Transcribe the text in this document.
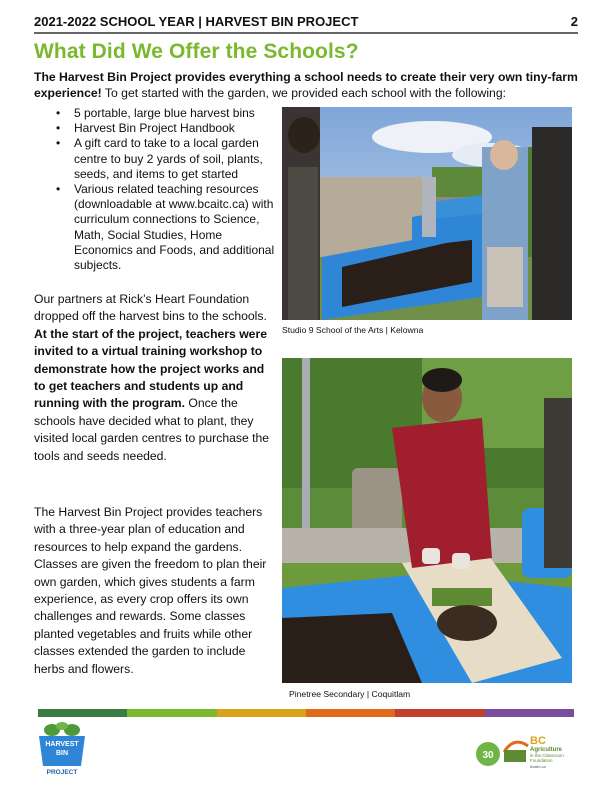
2021-2022 SCHOOL YEAR | HARVEST BIN PROJECT	2
What Did We Offer the Schools?

The Harvest Bin Project provides everything a school needs to create their very own tiny-farm experience! To get started with the garden, we provided each school with the following:

• 5 portable, large blue harvest bins
• Harvest Bin Project Handbook
• A gift card to take to a local garden centre to buy 2 yards of soil, plants, seeds, and items to get started
• Various related teaching resources (downloadable at www.bcaitc.ca) with curriculum connections to Science, Math, Social Studies, Home Economics and Foods, and additional subjects.

Our partners at Rick’s Heart Foundation dropped off the harvest bins to the schools. At the start of the project, teachers were invited to a virtual training workshop to demonstrate how the project works and to get teachers and students up and running with the program. Once the schools have decided what to plant, they visited local garden centres to purchase the tools and seeds needed.

The Harvest Bin Project provides teachers with a three-year plan of education and resources to help expand the gardens. Classes are given the freedom to plan their own garden, which gives students a farm experience, as every crop offers its own challenges and rewards. Some classes planted vegetables and fruits while other classes extended the garden to include herbs and flowers.

Studio 9 School of the Arts | Kelowna
Pinetree Secondary | Coquitlam
HARVEST
BIN
PROJECT
30
BC
Agriculture
in the Classroom
Foundation
bcaitc.ca
